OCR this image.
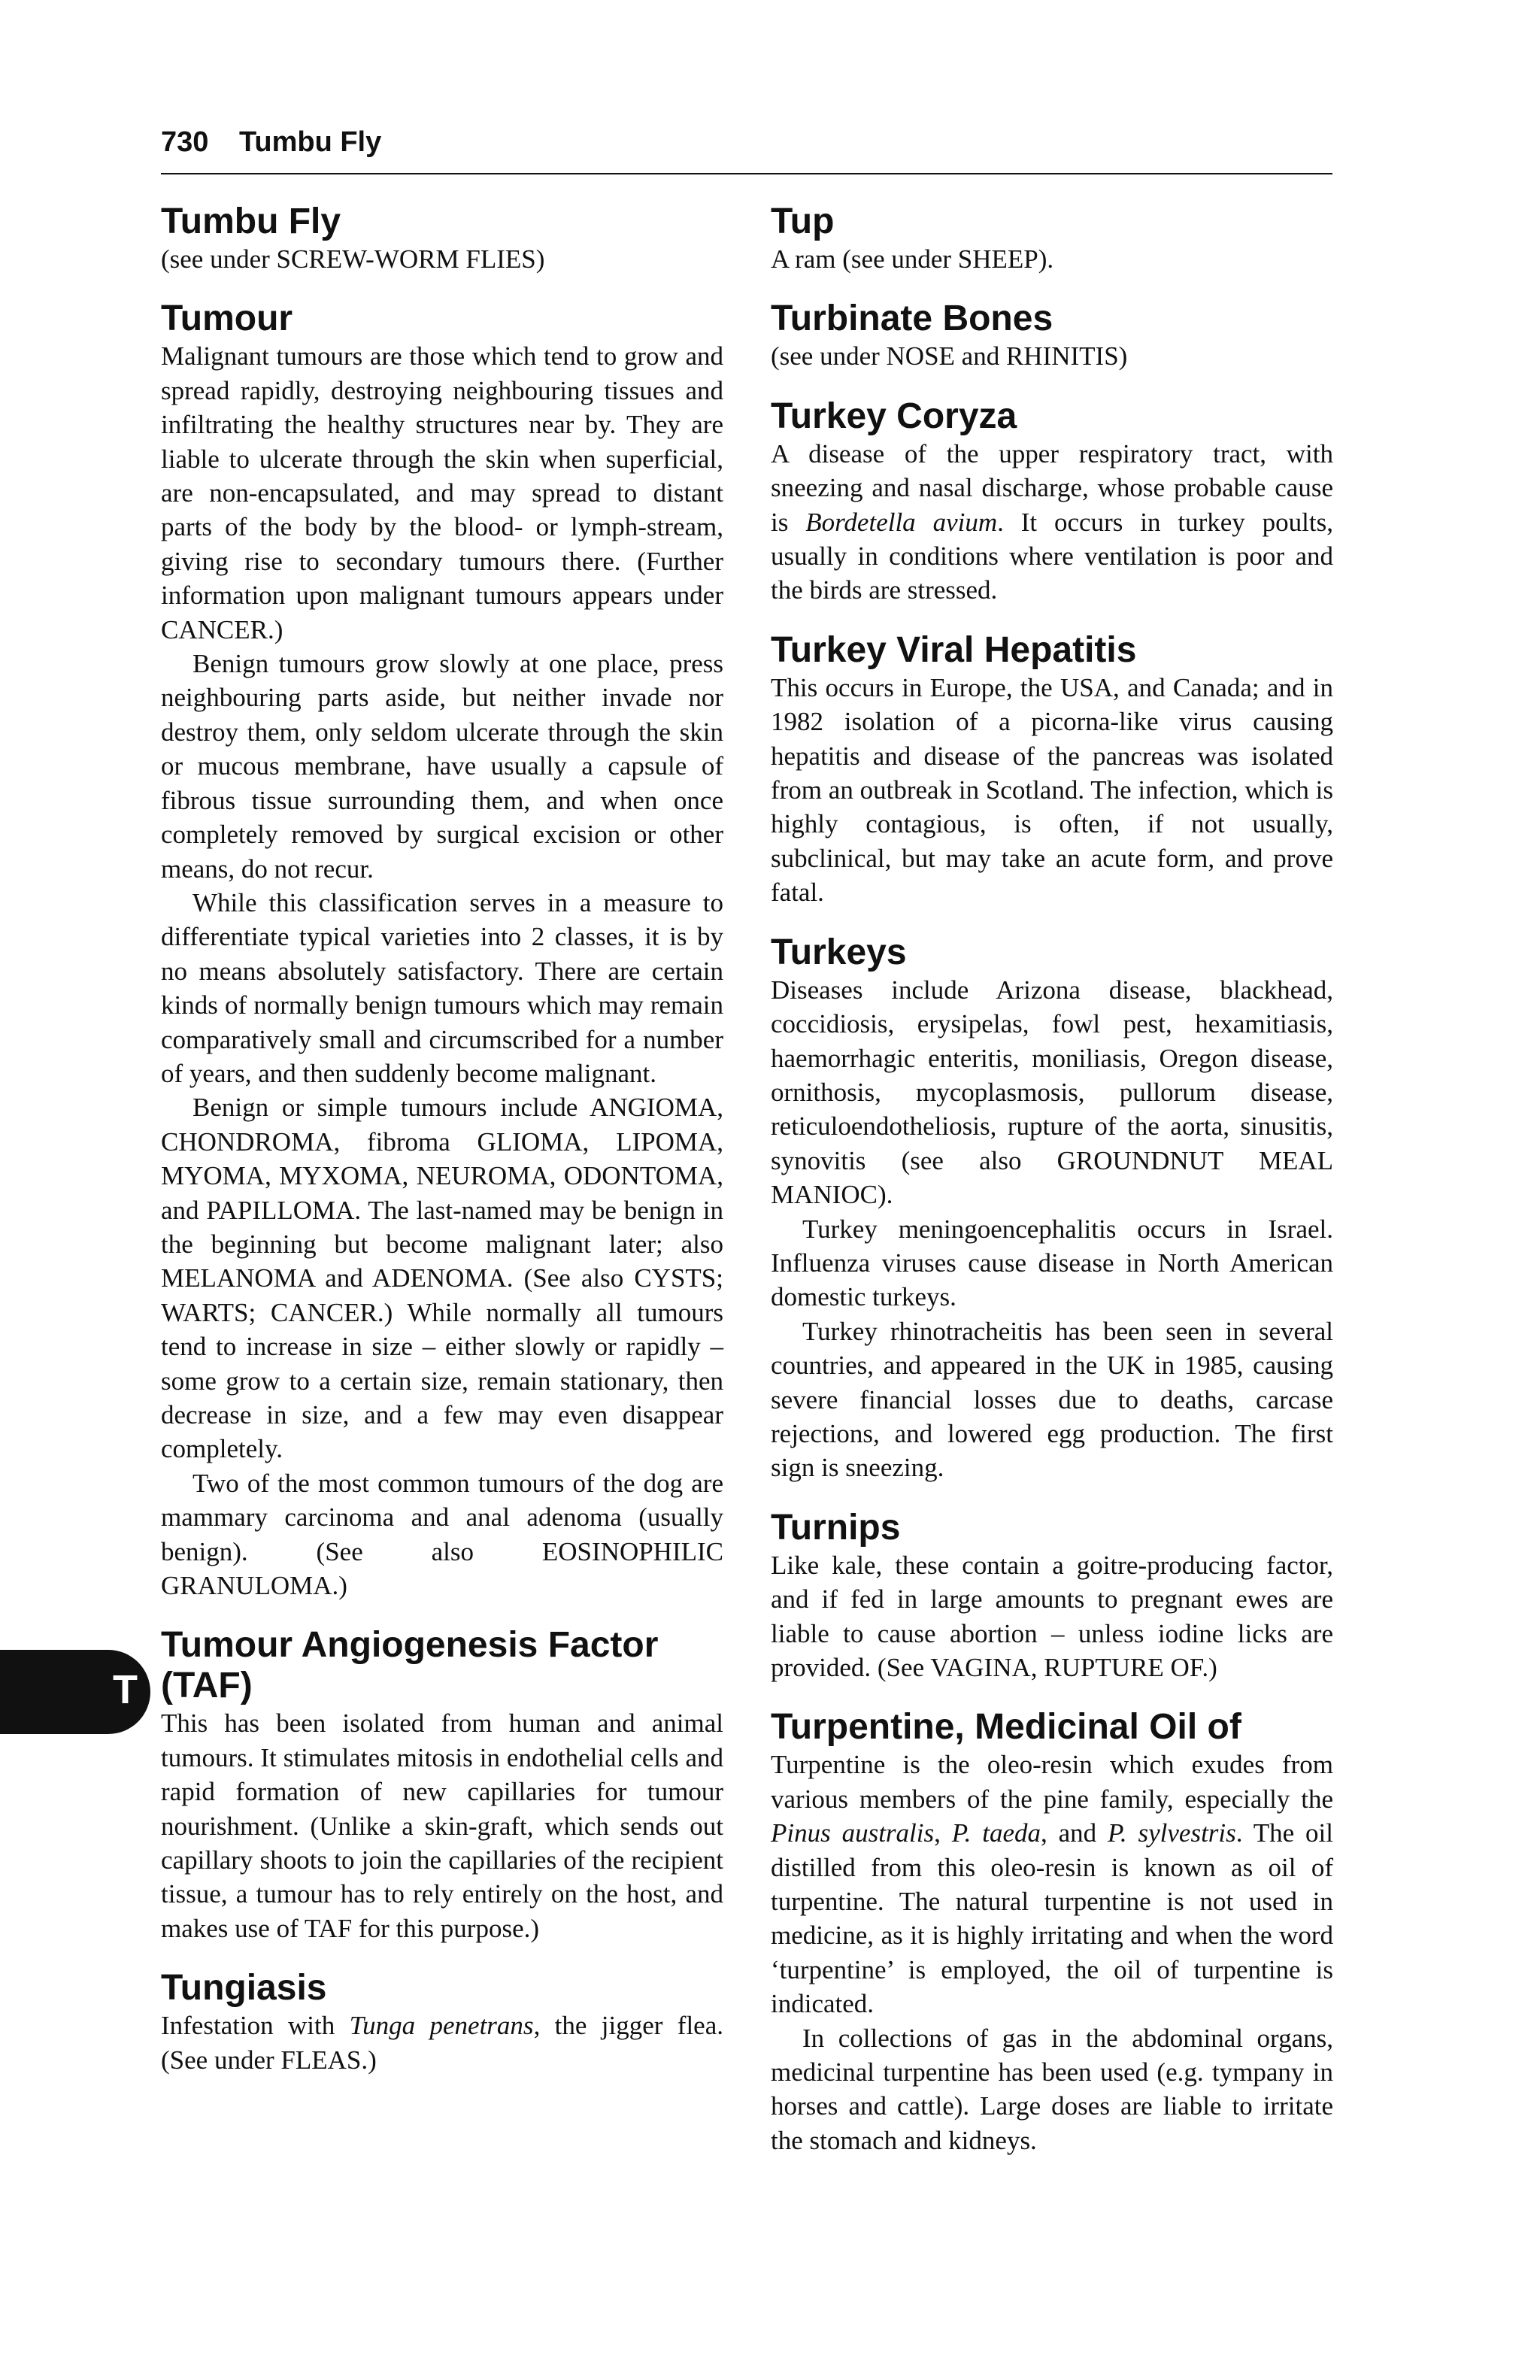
730 Tumbu Fly
T
Tumbu Fly

(see under SCREW-WORM FLIES)

Tumour

Malignant tumours are those which tend to grow and spread rapidly, destroying neighbouring tissues and infiltrating the healthy structures near by. They are liable to ulcerate through the skin when superficial, are non-encapsulated, and may spread to distant parts of the body by the blood- or lymph-stream, giving rise to secondary tumours there. (Further information upon malignant tumours appears under CANCER.)

Benign tumours grow slowly at one place, press neighbouring parts aside, but neither invade nor destroy them, only seldom ulcerate through the skin or mucous membrane, have usually a capsule of fibrous tissue surrounding them, and when once completely removed by surgical excision or other means, do not recur.

While this classification serves in a measure to differentiate typical varieties into 2 classes, it is by no means absolutely satisfactory. There are certain kinds of normally benign tumours which may remain comparatively small and circumscribed for a number of years, and then suddenly become malignant.

Benign or simple tumours include ANGIOMA, CHONDROMA, fibroma GLIOMA, LIPOMA, MYOMA, MYXOMA, NEUROMA, ODONTOMA, and PAPILLOMA. The last-named may be benign in the beginning but become malignant later; also MELANOMA and ADENOMA. (See also CYSTS; WARTS; CANCER.) While normally all tumours tend to increase in size – either slowly or rapidly – some grow to a certain size, remain stationary, then decrease in size, and a few may even disappear completely.

Two of the most common tumours of the dog are mammary carcinoma and anal adenoma (usually benign). (See also EOSINOPHILIC GRANULOMA.)

Tumour Angiogenesis Factor (TAF)

This has been isolated from human and animal tumours. It stimulates mitosis in endothelial cells and rapid formation of new capillaries for tumour nourishment. (Unlike a skin-graft, which sends out capillary shoots to join the capillaries of the recipient tissue, a tumour has to rely entirely on the host, and makes use of TAF for this purpose.)

Tungiasis

Infestation with Tunga penetrans, the jigger flea. (See under FLEAS.)

Tup

A ram (see under SHEEP).

Turbinate Bones

(see under NOSE and RHINITIS)

Turkey Coryza

A disease of the upper respiratory tract, with sneezing and nasal discharge, whose probable cause is Bordetella avium. It occurs in turkey poults, usually in conditions where ventilation is poor and the birds are stressed.

Turkey Viral Hepatitis

This occurs in Europe, the USA, and Canada; and in 1982 isolation of a picorna-like virus causing hepatitis and disease of the pancreas was isolated from an outbreak in Scotland. The infection, which is highly contagious, is often, if not usually, subclinical, but may take an acute form, and prove fatal.

Turkeys

Diseases include Arizona disease, blackhead, coccidiosis, erysipelas, fowl pest, hexamitiasis, haemorrhagic enteritis, moniliasis, Oregon disease, ornithosis, mycoplasmosis, pullorum disease, reticuloendotheliosis, rupture of the aorta, sinusitis, synovitis (see also GROUNDNUT MEAL MANIOC).

Turkey meningoencephalitis occurs in Israel. Influenza viruses cause disease in North American domestic turkeys.

Turkey rhinotracheitis has been seen in several countries, and appeared in the UK in 1985, causing severe financial losses due to deaths, carcase rejections, and lowered egg production. The first sign is sneezing.

Turnips

Like kale, these contain a goitre-producing factor, and if fed in large amounts to pregnant ewes are liable to cause abortion – unless iodine licks are provided. (See VAGINA, RUPTURE OF.)

Turpentine, Medicinal Oil of

Turpentine is the oleo-resin which exudes from various members of the pine family, especially the Pinus australis, P. taeda, and P. sylvestris. The oil distilled from this oleo-resin is known as oil of turpentine. The natural turpentine is not used in medicine, as it is highly irritating and when the word ‘turpentine’ is employed, the oil of turpentine is indicated.

In collections of gas in the abdominal organs, medicinal turpentine has been used (e.g. tympany in horses and cattle). Large doses are liable to irritate the stomach and kidneys.
